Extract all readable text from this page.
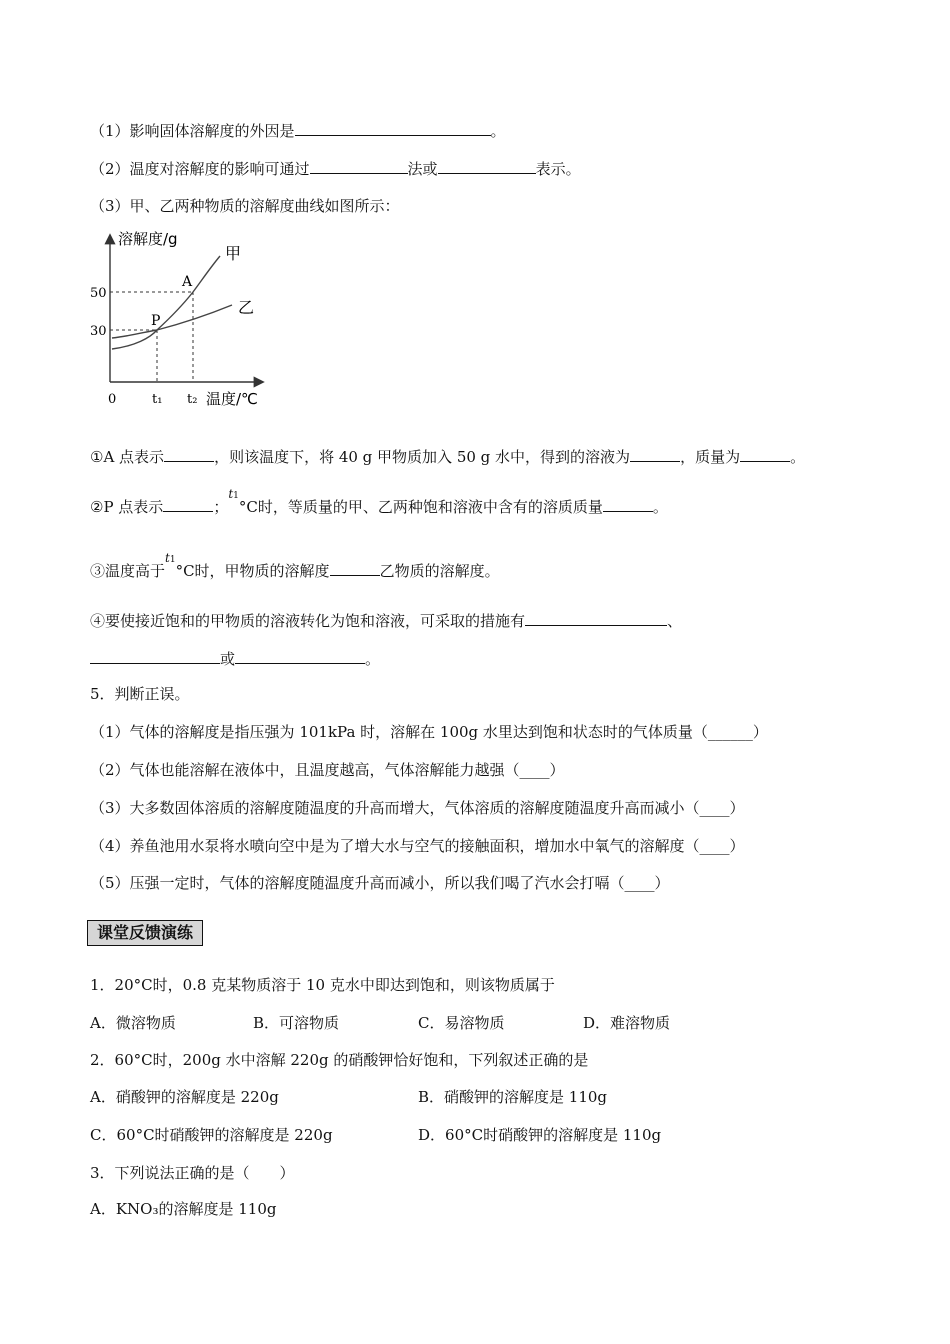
（1）影响固体溶解度的外因是	。
（2）温度对溶解度的影响可通过	法或	表示。
（3）甲、乙两种物质的溶解度曲线如图所示：
溶解度/g
甲
乙
A
P
50
30
0	t₁ t₂ 温度/℃
①A 点表示	，则该温度下，将 40 g 甲物质加入 50 g 水中，得到的溶液为	，质量为	。
②P 点表示	；$^{t1}$°C时，等质量的甲、乙两种饱和溶液中含有的溶质质量	。
③温度高于$^{t1}$°C时，甲物质的溶解度	乙物质的溶解度。
④要使接近饱和的甲物质的溶液转化为饱和溶液，可采取的措施有	、
或	。
5．判断正误。
（1）气体的溶解度是指压强为 101kPa 时，溶解在 100g 水里达到饱和状态时的气体质量（______）
（2）气体也能溶解在液体中，且温度越高，气体溶解能力越强（____）
（3）大多数固体溶质的溶解度随温度的升高而增大，气体溶质的溶解度随温度升高而减小（____）
（4）养鱼池用水泵将水喷向空中是为了增大水与空气的接触面积，增加水中氧气的溶解度（____）
（5）压强一定时，气体的溶解度随温度升高而减小，所以我们喝了汽水会打嗝（____）
课堂反馈演练
1．20°C时，0.8 克某物质溶于 10 克水中即达到饱和，则该物质属于
A．微溶物质	B．可溶物质	C．易溶物质	D．难溶物质
2．60°C时，200g 水中溶解 220g 的硝酸钾恰好饱和，下列叙述正确的是
A．硝酸钾的溶解度是 220g	B．硝酸钾的溶解度是 110g
C．60°C时硝酸钾的溶解度是 220g	D．60°C时硝酸钾的溶解度是 110g
3．下列说法正确的是（　　）
A．KNO₃的溶解度是 110g
